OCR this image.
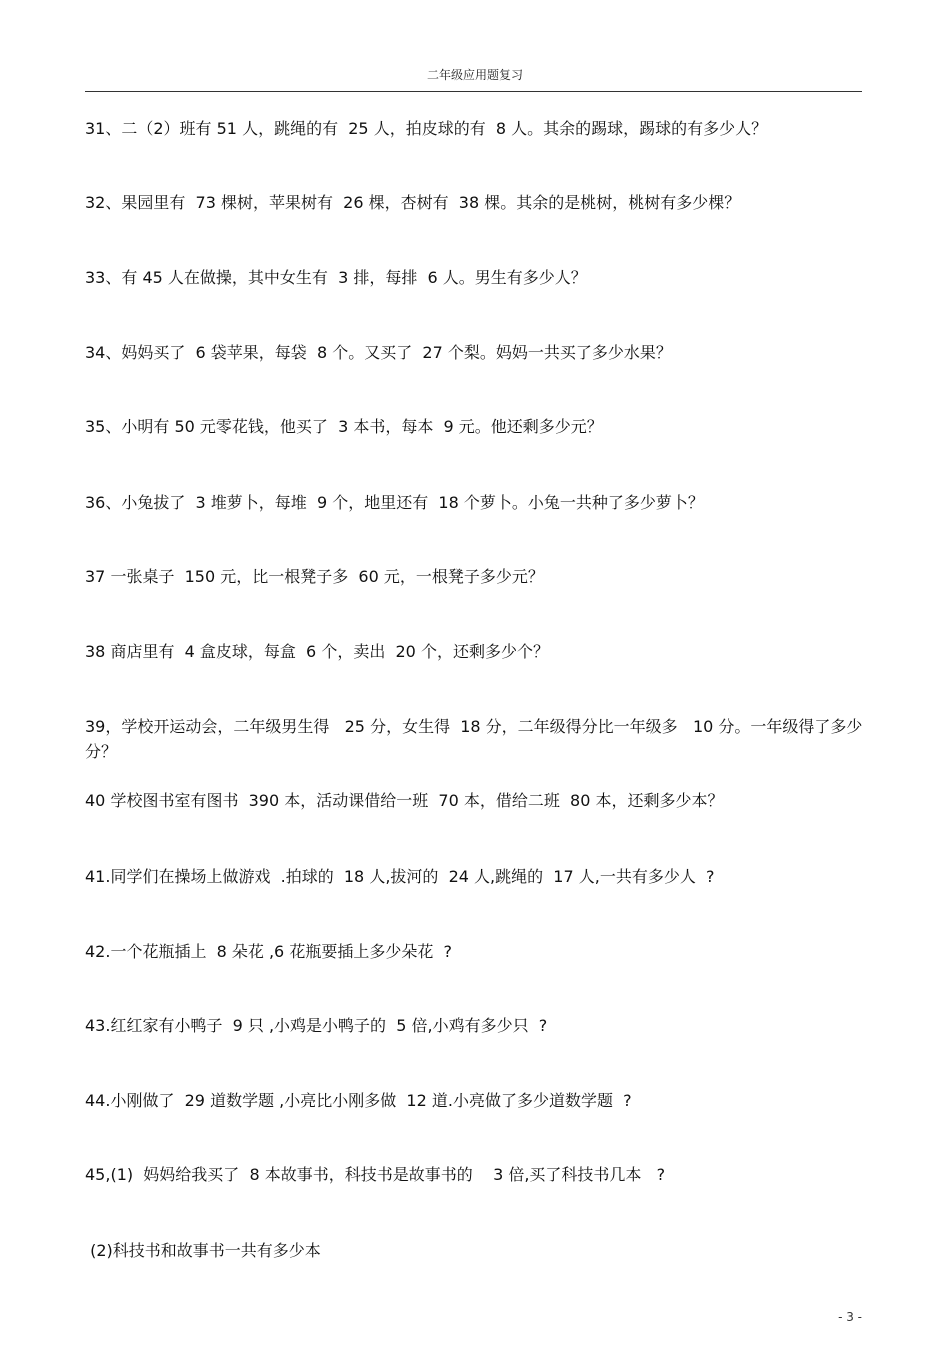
二年级应用题复习
31、二（2）班有 51 人，跳绳的有  25 人，拍皮球的有  8 人。其余的踢球，踢球的有多少人？
32、果园里有  73 棵树，苹果树有  26 棵，杏树有  38 棵。其余的是桃树，桃树有多少棵？
33、有 45 人在做操，其中女生有  3 排，每排  6 人。男生有多少人？
34、妈妈买了  6 袋苹果，每袋  8 个。又买了  27 个梨。妈妈一共买了多少水果？
35、小明有 50 元零花钱，他买了  3 本书，每本  9 元。他还剩多少元？
36、小兔拔了  3 堆萝卜，每堆  9 个，地里还有  18 个萝卜。小兔一共种了多少萝卜？
37 一张桌子  150 元，比一根凳子多  60 元，一根凳子多少元？
38 商店里有  4 盒皮球，每盒  6 个，卖出  20 个，还剩多少个？
39，学校开运动会，二年级男生得   25 分，女生得  18 分，二年级得分比一年级多   10 分。一年级得了多少分？
40 学校图书室有图书  390 本，活动课借给一班  70 本，借给二班  80 本，还剩多少本？
41.同学们在操场上做游戏  .拍球的  18 人,拔河的  24 人,跳绳的  17 人,一共有多少人  ?
42.一个花瓶插上  8 朵花 ,6 花瓶要插上多少朵花  ?
43.红红家有小鸭子  9 只 ,小鸡是小鸭子的  5 倍,小鸡有多少只  ?
44.小刚做了  29 道数学题 ,小亮比小刚多做  12 道.小亮做了多少道数学题  ?
45,(1)  妈妈给我买了  8 本故事书，科技书是故事书的    3 倍,买了科技书几本   ?
(2)科技书和故事书一共有多少本
- 3 -
